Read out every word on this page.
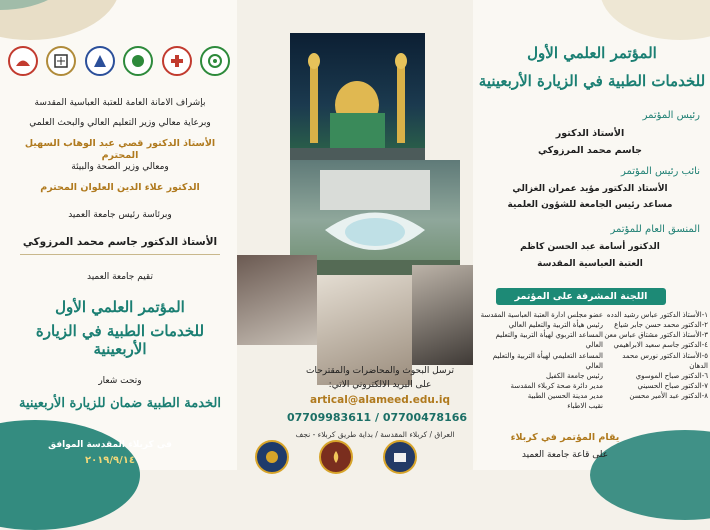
بإشراف الامانة العامة للعتبة العباسية المقدسة
وبرعاية معالي وزير التعليم العالي والبحث العلمي
الأستاذ الدكتور قصي عبد الوهاب السهيل المحترم
ومعالي وزير الصحة والبيئة
الدكتور علاء الدين العلوان المحترم
وبرئاسة رئيس جامعة العميد
الأستاذ الدكتور جاسم محمد المرزوكي
تقيم جامعة العميد
المؤتمر العلمي الأول
للخدمات الطبية في الزيارة الأربعينية
وتحت شعار
الخدمة الطبية ضمان للزيارة الأربعينية
في كربلاء المقدسة الموافق
٢٠١٩/٩/١٤
ترسل البحوث والمحاضرات والمقترحات
على البريد الالكتروني الاتي:
artical@alameed.edu.iq
07709983611 / 07700478166
العراق / كربلاء المقدسة / بداية طريق كربلاء - نجف
المؤتمر العلمي الأول
للخدمات الطبية في الزيارة الأربعينية
رئيس المؤتمر
الأستاذ الدكتور
جاسم محمد المرزوكي
نائب رئيس المؤتمر
الأستاذ الدكتور مؤيد عمران الغزالي
مساعد رئيس الجامعة للشؤون العلمية
المنسق العام للمؤتمر
الدكتور أسامة عبد الحسن كاظم
العتبة العباسية المقدسة
اللجنة المشرفة على المؤتمر
١-الأستاذ الدكتور عباس رشيد الدده
٢-الدكتور محمد حسن جابر شياع
٣-الأستاذ الدكتور مشتاق عباس معن
٤-الدكتور جاسم سعيد الابراهيمي
٥-الأستاذ الدكتور نورس محمد الدهان
٦-الدكتور صباح الموسوي
٧-الدكتور صباح الحسيني
٨-الدكتور عبد الأمير محسن
عضو مجلس ادارة العتبة العباسية المقدسة
رئيس هيأة التربية والتعليم العالي
المساعد التربوي لهيأة التربية والتعليم العالي
المساعد التعليمي لهيأة التربية والتعليم العالي
رئيس جامعة الكفيل
مدير دائرة صحة كربلاء المقدسة
مدير مدينة الحسين الطبية
نقيب الاطباء
يقام المؤتمر في كربلاء
على قاعة جامعة العميد
